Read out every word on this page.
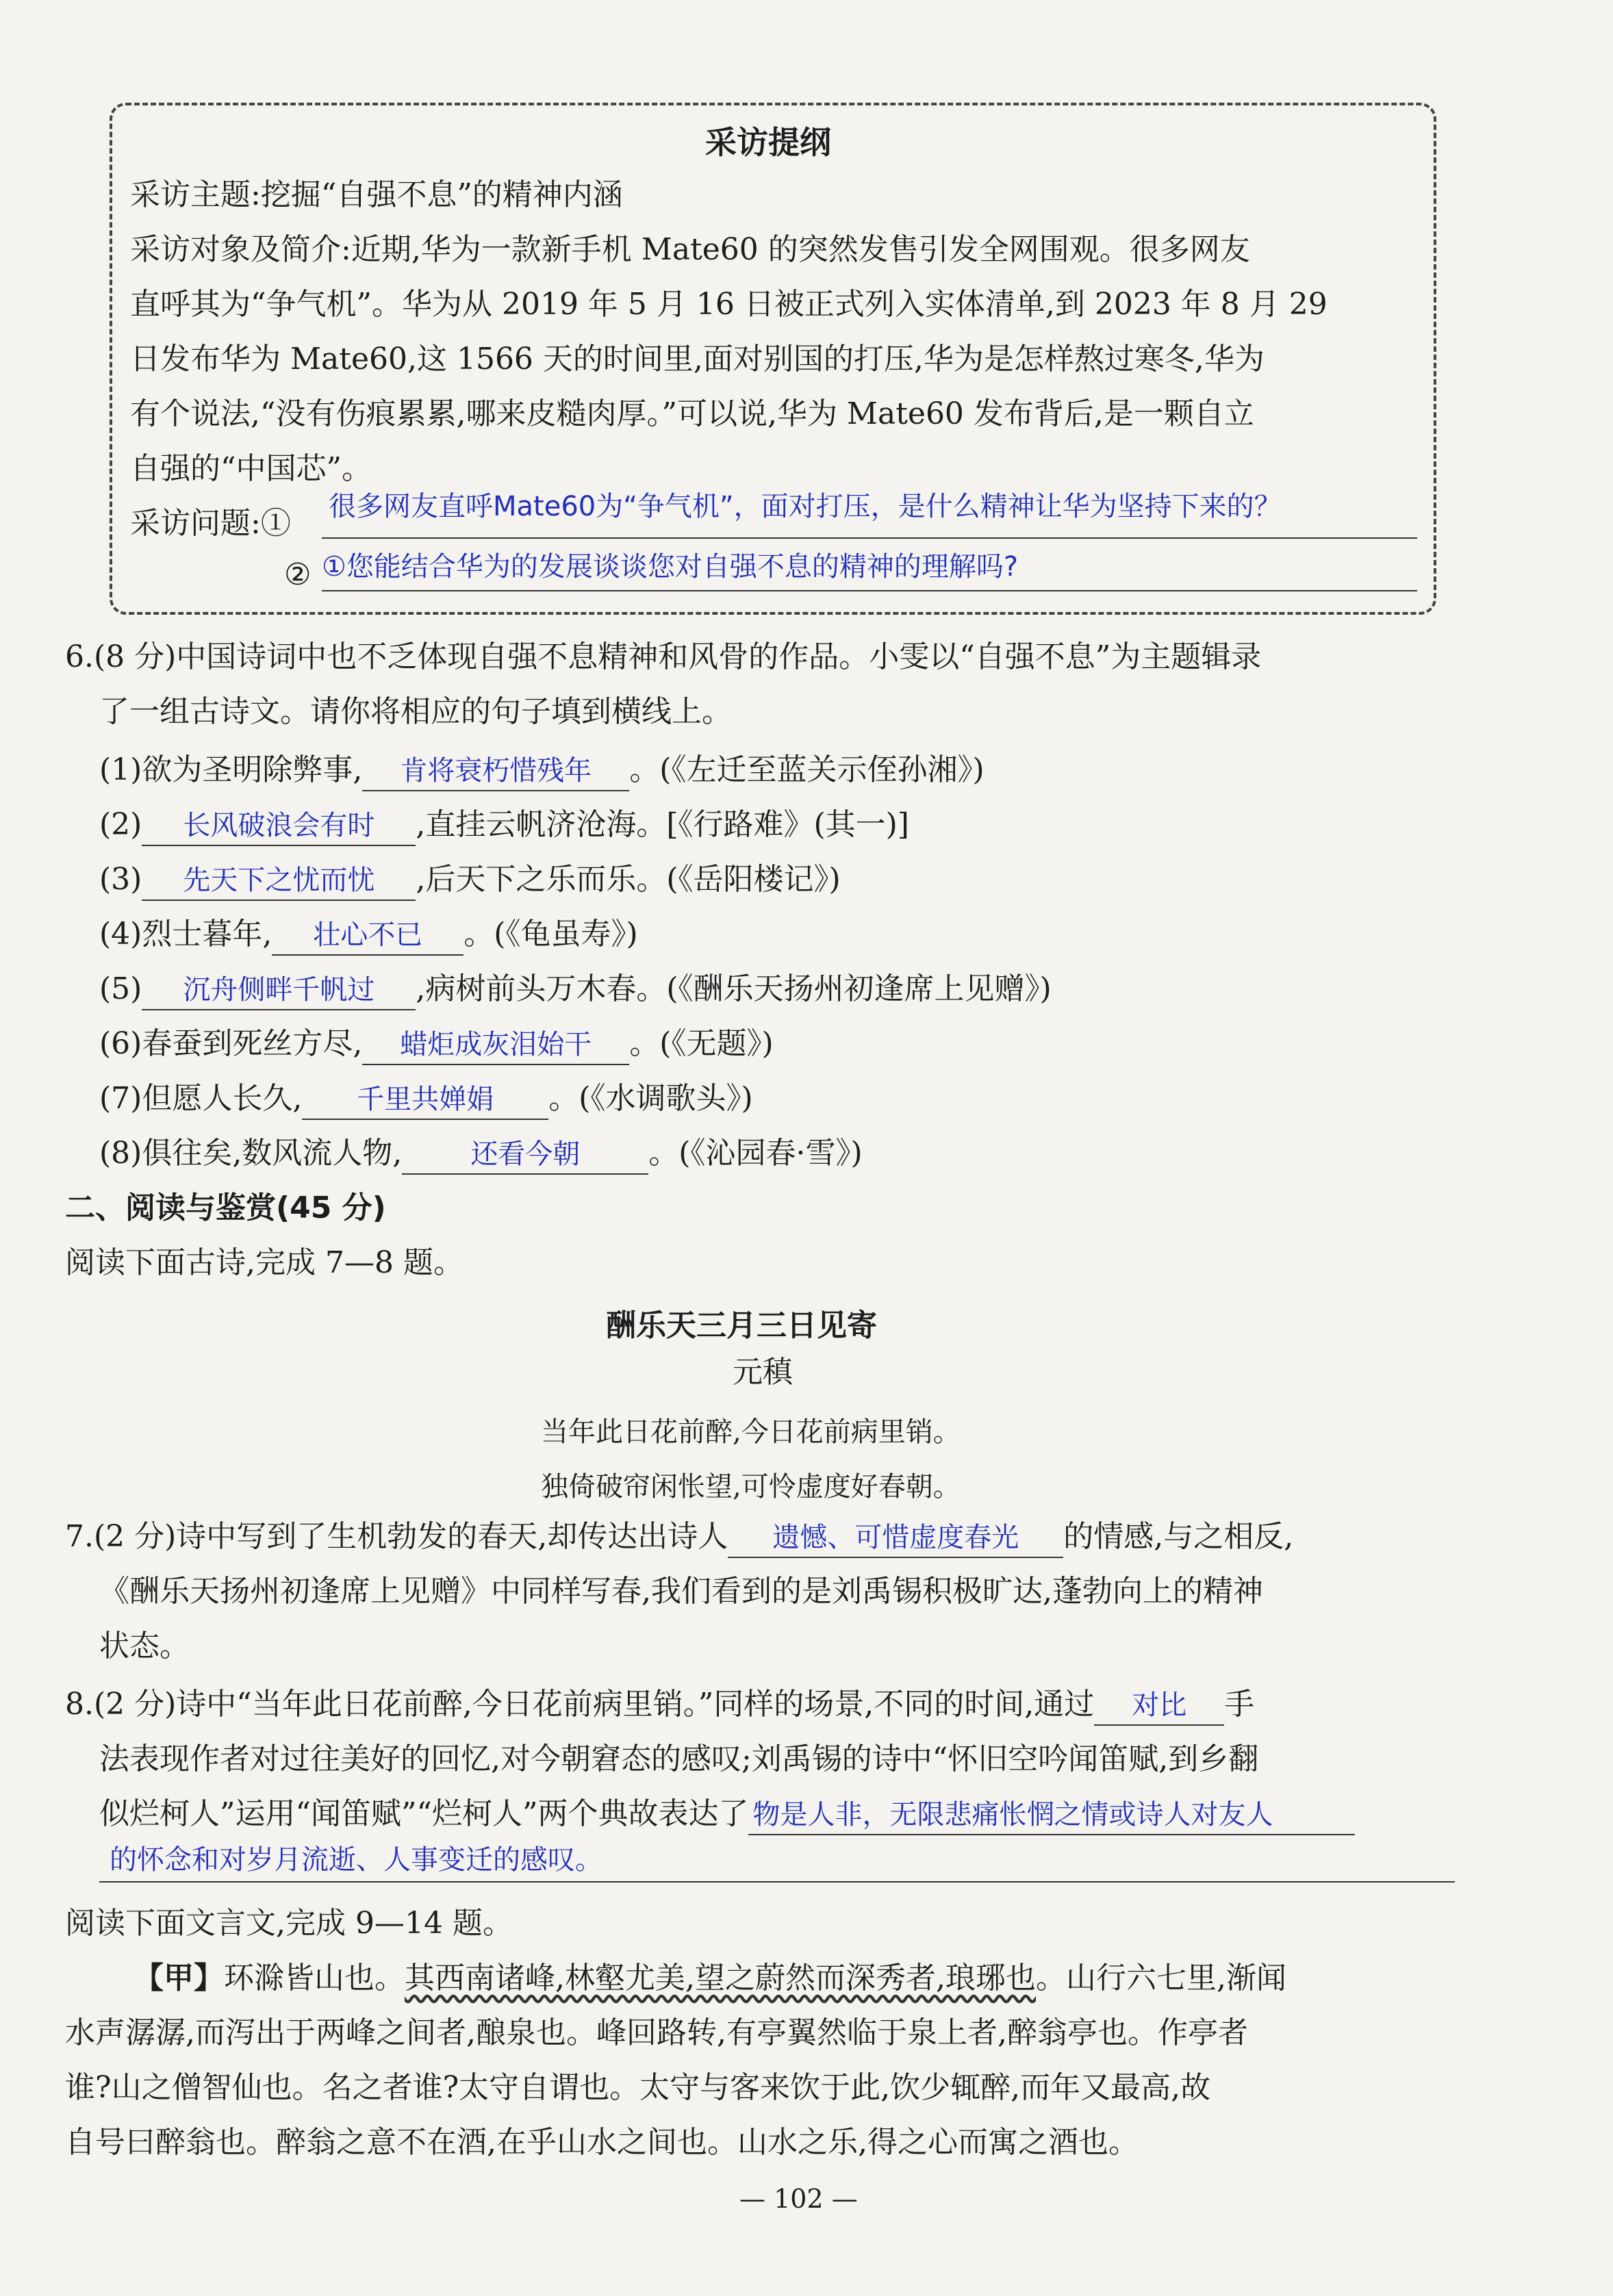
采访提纲
采访主题:挖掘“自强不息”的精神内涵
采访对象及简介:近期,华为一款新手机 Mate60 的突然发售引发全网围观。很多网友
直呼其为“争气机”。华为从 2019 年 5 月 16 日被正式列入实体清单,到 2023 年 8 月 29
日发布华为 Mate60,这 1566 天的时间里,面对别国的打压,华为是怎样熬过寒冬,华为
有个说法,“没有伤痕累累,哪来皮糙肉厚。”可以说,华为 Mate60 发布背后,是一颗自立
自强的“中国芯”。
采访问题:① 很多网友直呼Mate60为“争气机”，面对打压，是什么精神让华为坚持下来的？
② ①您能结合华为的发展谈谈您对自强不息的精神的理解吗?
6.(8 分)中国诗词中也不乏体现自强不息精神和风骨的作品。小雯以“自强不息”为主题辑录
了一组古诗文。请你将相应的句子填到横线上。
(1)欲为圣明除弊事, 肯将衰朽惜残年 。(《左迁至蓝关示侄孙湘》)
(2) 长风破浪会有时 ,直挂云帆济沧海。[《行路难》(其一)]
(3) 先天下之忧而忧 ,后天下之乐而乐。(《岳阳楼记》)
(4)烈士暮年, 壮心不已 。(《龟虽寿》)
(5) 沉舟侧畔千帆过 ,病树前头万木春。(《酬乐天扬州初逢席上见赠》)
(6)春蚕到死丝方尽, 蜡炬成灰泪始干 。(《无题》)
(7)但愿人长久, 千里共婵娟 。(《水调歌头》)
(8)俱往矣,数风流人物,	还看今朝 。(《沁园春·雪》)
二、阅读与鉴赏(45 分)
阅读下面古诗,完成 7—8 题。
酬乐天三月三日见寄
元稹
当年此日花前醉,今日花前病里销。
独倚破帘闲怅望,可怜虚度好春朝。
7.(2 分)诗中写到了生机勃发的春天,却传达出诗人 遗憾、可惜虚度春光 的情感,与之相反,
《酬乐天扬州初逢席上见赠》中同样写春,我们看到的是刘禹锡积极旷达,蓬勃向上的精神
状态。
8.(2 分)诗中“当年此日花前醉,今日花前病里销。”同样的场景,不同的时间,通过 对比 手
法表现作者对过往美好的回忆,对今朝窘态的感叹;刘禹锡的诗中“怀旧空吟闻笛赋,到乡翻
似烂柯人”运用“闻笛赋”“烂柯人”两个典故表达了 物是人非，无限悲痛怅惘之情或诗人对友人
的怀念和对岁月流逝、人事变迁的感叹。
阅读下面文言文,完成 9—14 题。
【甲】环滁皆山也。其西南诸峰,林壑尤美,望之蔚然而深秀者,琅琊也。山行六七里,渐闻
水声潺潺,而泻出于两峰之间者,酿泉也。峰回路转,有亭翼然临于泉上者,醉翁亭也。作亭者
谁?山之僧智仙也。名之者谁?太守自谓也。太守与客来饮于此,饮少辄醉,而年又最高,故
自号曰醉翁也。醉翁之意不在酒,在乎山水之间也。山水之乐,得之心而寓之酒也。
— 102 —
